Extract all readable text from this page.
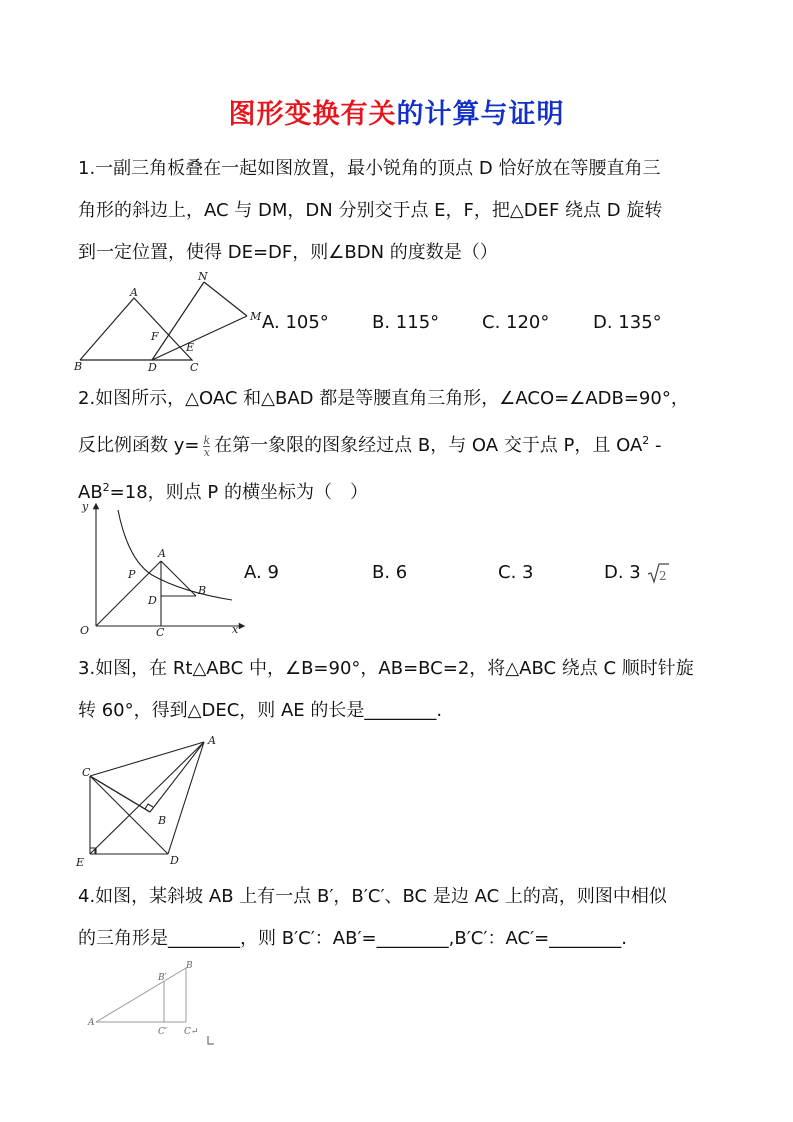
图形变换有关的计算与证明
1.一副三角板叠在一起如图放置，最小锐角的顶点 D 恰好放在等腰直角三
角形的斜边上，AC 与 DM，DN 分别交于点 E，F，把△DEF 绕点 D 旋转
到一定位置，使得 DE=DF，则∠BDN 的度数是（）
A
B	C
D
E
F
M
N
A. 105° B. 115° C. 120° D. 135°
2.如图所示，△OAC 和△BAD 都是等腰直角三角形，∠ACO=∠ADB=90°，
反比例函数 $y= \frac{k}{x}$ 在第一象限的图象经过点 B，与 OA 交于点 P，且 $OA^2$ -
$AB^2=18$，则点 P 的横坐标为（　）
y
x
O
A
P
B
D
C
A. 9	B. 6	C. 3	D. 3 2
3.如图，在 Rt△ABC 中，∠B=90°，AB=BC=2，将△ABC 绕点 C 顺时针旋
转 60°，得到△DEC，则 AE 的长是________.
A
B
C
D
E
4.如图，某斜坡 AB 上有一点 B′，B′C′、BC 是边 AC 上的高，则图中相似
的三角形是________，则 B′C′：AB′=________,B′C′：AC′=________.
A
B
B′
C′ C↵
